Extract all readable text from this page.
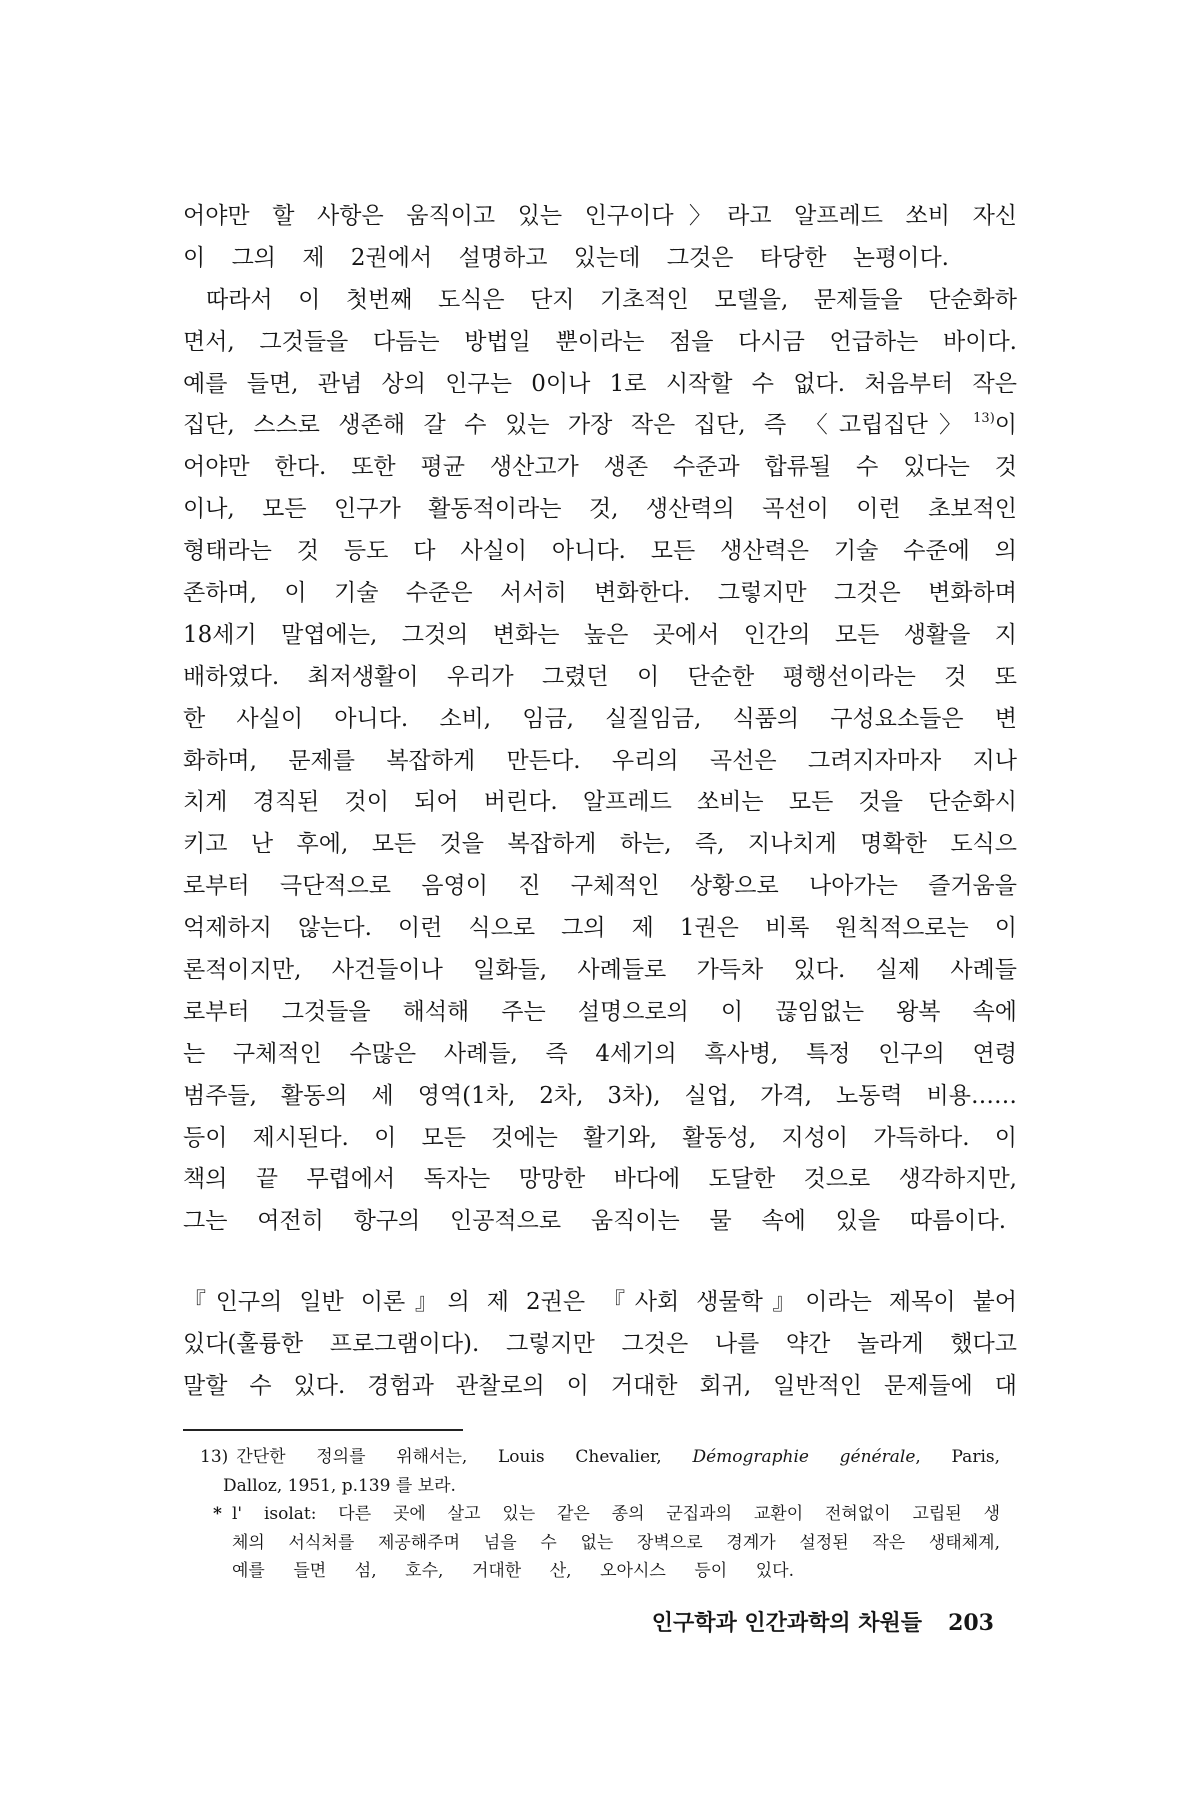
어야만 할 사항은 움직이고 있는 인구이다〉라고 알프레드 쏘비 자신
이 그의 제 2권에서 설명하고 있는데 그것은 타당한 논평이다.
따라서 이 첫번째 도식은 단지 기초적인 모델을, 문제들을 단순화하
면서, 그것들을 다듬는 방법일 뿐이라는 점을 다시금 언급하는 바이다.
예를 들면, 관념 상의 인구는 0이나 1로 시작할 수 없다. 처음부터 작은
집단, 스스로 생존해 갈 수 있는 가장 작은 집단, 즉 〈고립집단〉$^{13)}$이
어야만 한다. 또한 평균 생산고가 생존 수준과 합류될 수 있다는 것
이나, 모든 인구가 활동적이라는 것, 생산력의 곡선이 이런 초보적인
형태라는 것 등도 다 사실이 아니다. 모든 생산력은 기술 수준에 의
존하며, 이 기술 수준은 서서히 변화한다. 그렇지만 그것은 변화하며
18세기 말엽에는, 그것의 변화는 높은 곳에서 인간의 모든 생활을 지
배하였다. 최저생활이 우리가 그렸던 이 단순한 평행선이라는 것 또
한 사실이 아니다. 소비, 임금, 실질임금, 식품의 구성요소들은 변
화하며, 문제를 복잡하게 만든다. 우리의 곡선은 그려지자마자 지나
치게 경직된 것이 되어 버린다. 알프레드 쏘비는 모든 것을 단순화시
키고 난 후에, 모든 것을 복잡하게 하는, 즉, 지나치게 명확한 도식으
로부터 극단적으로 음영이 진 구체적인 상황으로 나아가는 즐거움을
억제하지 않는다. 이런 식으로 그의 제 1권은 비록 원칙적으로는 이
론적이지만, 사건들이나 일화들, 사례들로 가득차 있다. 실제 사례들
로부터 그것들을 해석해 주는 설명으로의 이 끊임없는 왕복 속에
는 구체적인 수많은 사례들, 즉 4세기의 흑사병, 특정 인구의 연령
범주들, 활동의 세 영역(1차, 2차, 3차), 실업, 가격, 노동력 비용……
등이 제시된다. 이 모든 것에는 활기와, 활동성, 지성이 가득하다. 이
책의 끝 무렵에서 독자는 망망한 바다에 도달한 것으로 생각하지만,
그는 여전히 항구의 인공적으로 움직이는 물 속에 있을 따름이다.
『인구의 일반 이론』의 제 2권은 『사회 생물학』이라는 제목이 붙어
있다(훌륭한 프로그램이다). 그렇지만 그것은 나를 약간 놀라게 했다고
말할 수 있다. 경험과 관찰로의 이 거대한 회귀, 일반적인 문제들에 대
13) 간단한 정의를 위해서는, Louis Chevalier, Démographie générale, Paris,
Dalloz, 1951, p.139 를 보라.
l' isolat: 다른 곳에 살고 있는 같은 종의 군집과의 교환이 전혀없이 고립된 생
체의 서식처를 제공해주며 넘을 수 없는 장벽으로 경계가 설정된 작은 생태체계,
예를 들면 섬, 호수, 거대한 산, 오아시스 등이 있다.
*
인구학과 인간과학의 차원들 203
